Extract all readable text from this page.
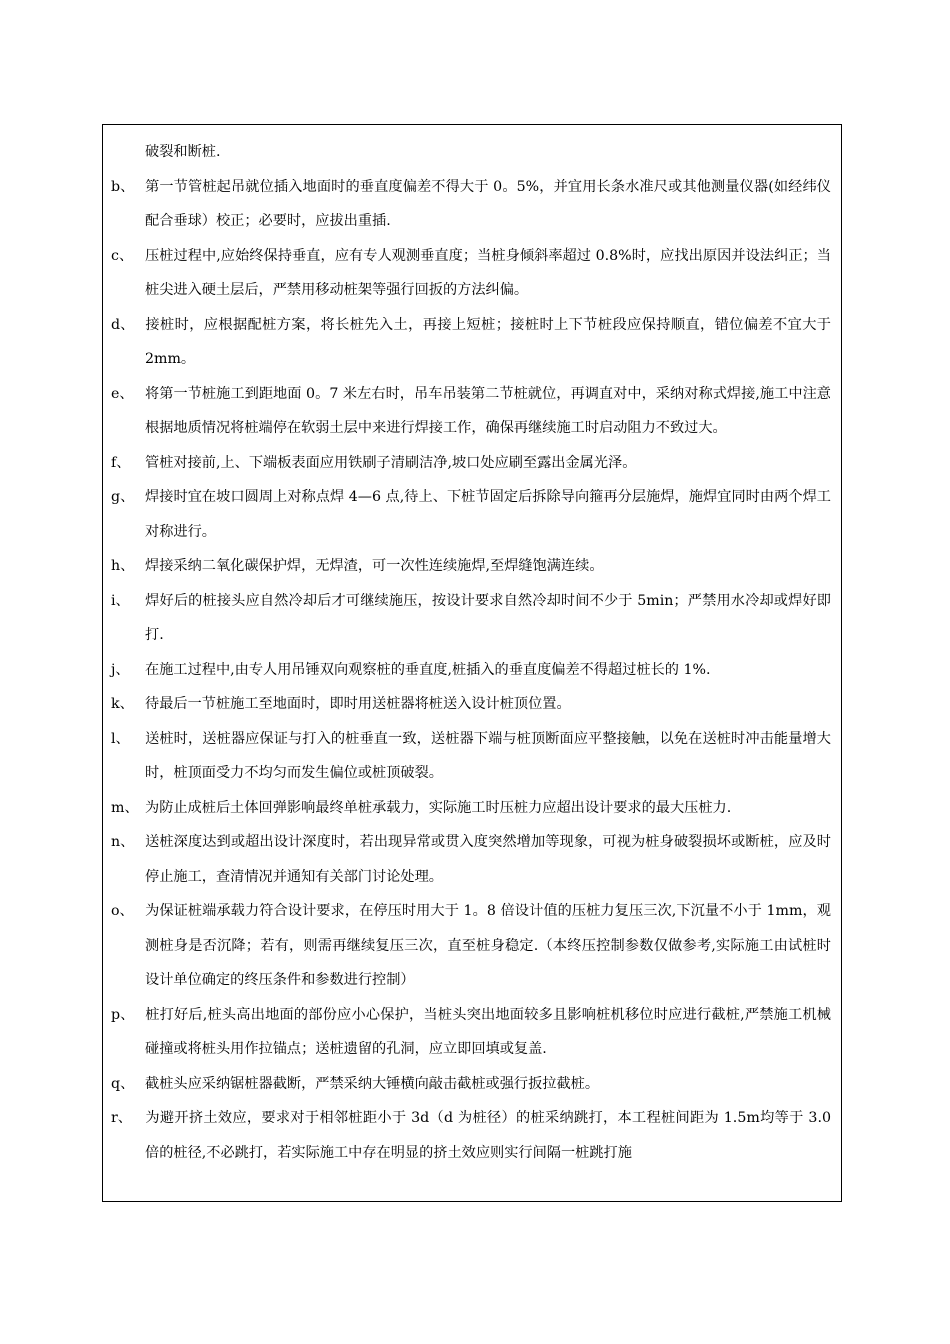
破裂和断桩.

b、 第一节管桩起吊就位插入地面时的垂直度偏差不得大于 0。5%，并宜用长条水准尺或其他测量仪器(如经纬仪配合垂球）校正；必要时，应拔出重插.

c、 压桩过程中,应始终保持垂直，应有专人观测垂直度；当桩身倾斜率超过 0.8%时，应找出原因并设法纠正；当桩尖进入硬土层后，严禁用移动桩架等强行回扳的方法纠偏。

d、 接桩时，应根据配桩方案，将长桩先入土，再接上短桩；接桩时上下节桩段应保持顺直，错位偏差不宜大于 2mm。

e、 将第一节桩施工到距地面 0。7 米左右时，吊车吊装第二节桩就位，再调直对中，采纳对称式焊接,施工中注意根据地质情况将桩端停在软弱土层中来进行焊接工作，确保再继续施工时启动阻力不致过大。

f、 管桩对接前,上、下端板表面应用铁刷子清刷洁净,坡口处应刷至露出金属光泽。

g、 焊接时宜在坡口圆周上对称点焊 4—6 点,待上、下桩节固定后拆除导向箍再分层施焊，施焊宜同时由两个焊工对称进行。

h、 焊接采纳二氧化碳保护焊，无焊渣，可一次性连续施焊,至焊缝饱满连续。

i、 焊好后的桩接头应自然冷却后才可继续施压，按设计要求自然冷却时间不少于 5min；严禁用水冷却或焊好即打.

j、 在施工过程中,由专人用吊锤双向观察桩的垂直度,桩插入的垂直度偏差不得超过桩长的 1%.

k、 待最后一节桩施工至地面时，即时用送桩器将桩送入设计桩顶位置。

l、 送桩时，送桩器应保证与打入的桩垂直一致，送桩器下端与桩顶断面应平整接触，以免在送桩时冲击能量增大时，桩顶面受力不均匀而发生偏位或桩顶破裂。

m、 为防止成桩后土体回弹影响最终单桩承载力，实际施工时压桩力应超出设计要求的最大压桩力.

n、 送桩深度达到或超出设计深度时，若出现异常或贯入度突然增加等现象，可视为桩身破裂损坏或断桩，应及时停止施工，查清情况并通知有关部门讨论处理。

o、 为保证桩端承载力符合设计要求，在停压时用大于 1。8 倍设计值的压桩力复压三次,下沉量不小于 1mm，观测桩身是否沉降；若有，则需再继续复压三次，直至桩身稳定.（本终压控制参数仅做参考,实际施工由试桩时设计单位确定的终压条件和参数进行控制）

p、 桩打好后,桩头高出地面的部份应小心保护，当桩头突出地面较多且影响桩机移位时应进行截桩,严禁施工机械碰撞或将桩头用作拉锚点；送桩遗留的孔洞，应立即回填或复盖.

q、 截桩头应采纳锯桩器截断，严禁采纳大锤横向敲击截桩或强行扳拉截桩。

r、 为避开挤土效应，要求对于相邻桩距小于 3d（d 为桩径）的桩采纳跳打，本工程桩间距为 1.5m均等于 3.0 倍的桩径,不必跳打，若实际施工中存在明显的挤土效应则实行间隔一桩跳打施
